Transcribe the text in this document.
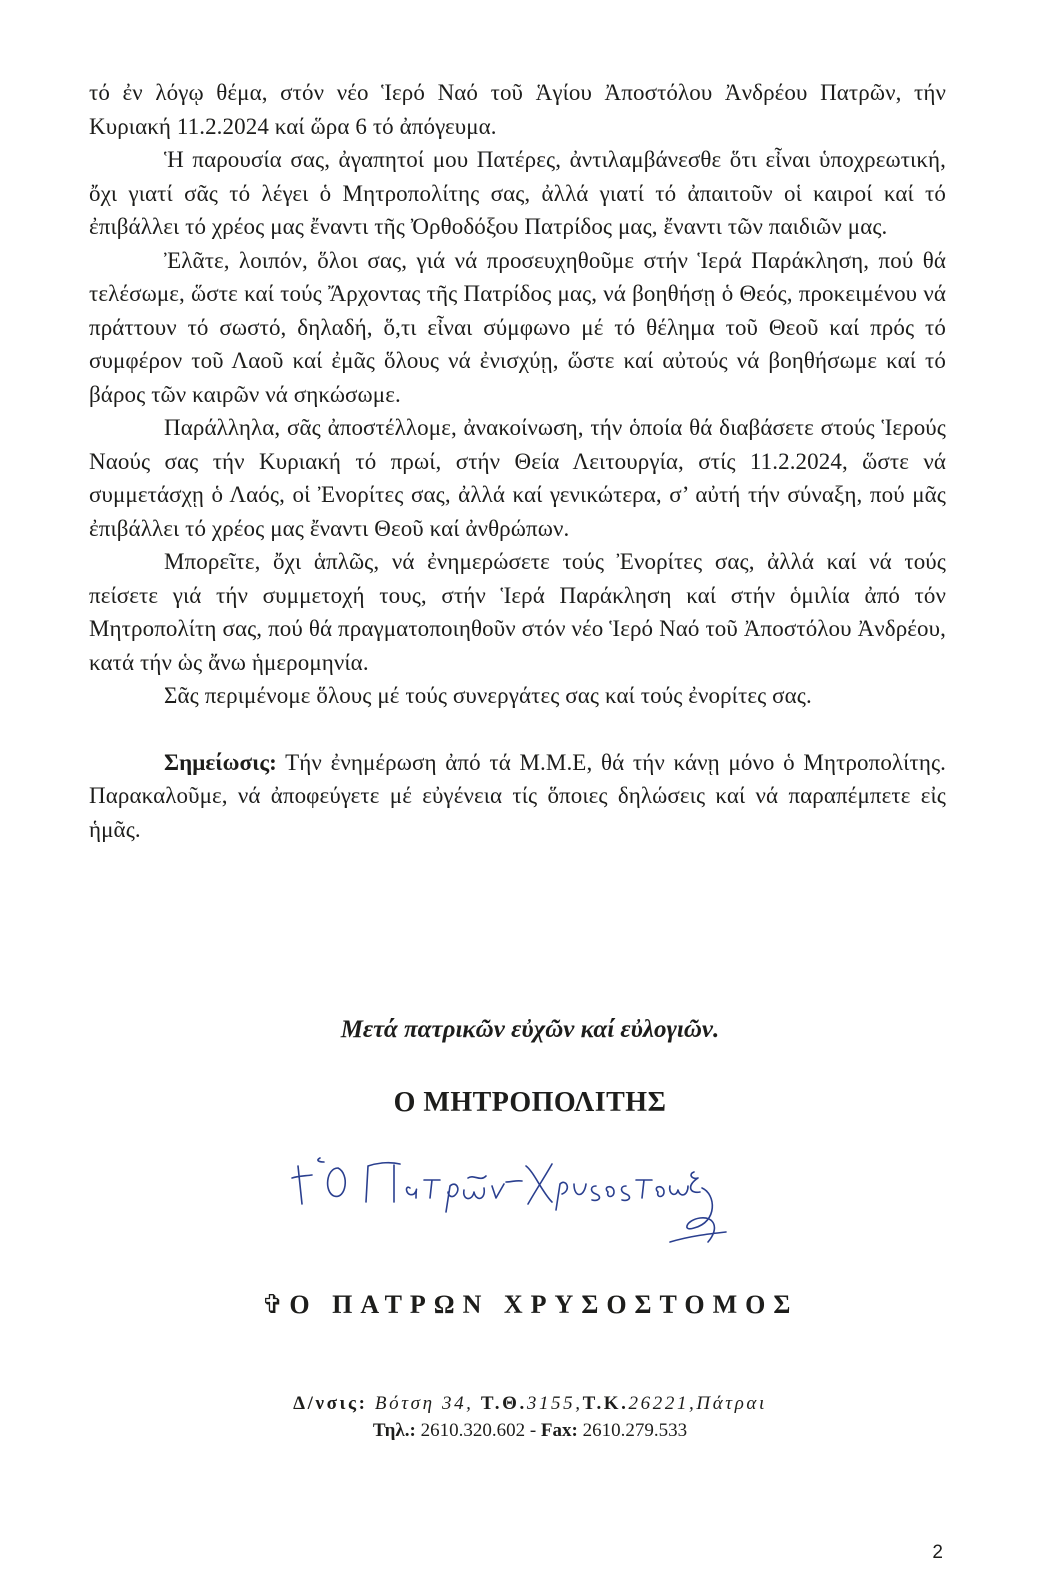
τό ἐν λόγῳ θέμα, στόν νέο Ἱερό Ναό τοῦ Ἁγίου Ἀποστόλου Ἀνδρέου Πατρῶν, τήν Κυριακή 11.2.2024 καί ὥρα 6 τό ἀπόγευμα.

Ἡ παρουσία σας, ἀγαπητοί μου Πατέρες, ἀντιλαμβάνεσθε ὅτι εἶναι ὑποχρεωτική, ὄχι γιατί σᾶς τό λέγει ὁ Μητροπολίτης σας, ἀλλά γιατί τό ἀπαιτοῦν οἱ καιροί καί τό ἐπιβάλλει τό χρέος μας ἔναντι τῆς Ὀρθοδόξου Πατρίδος μας, ἔναντι τῶν παιδιῶν μας.

Ἐλᾶτε, λοιπόν, ὅλοι σας, γιά νά προσευχηθοῦμε στήν Ἱερά Παράκληση, πού θά τελέσωμε, ὥστε καί τούς Ἄρχοντας τῆς Πατρίδος μας, νά βοηθήσῃ ὁ Θεός, προκειμένου νά πράττουν τό σωστό, δηλαδή, ὅ,τι εἶναι σύμφωνο μέ τό θέλημα τοῦ Θεοῦ καί πρός τό συμφέρον τοῦ Λαοῦ καί ἐμᾶς ὅλους νά ἐνισχύῃ, ὥστε καί αὐτούς νά βοηθήσωμε καί τό βάρος τῶν καιρῶν νά σηκώσωμε.

Παράλληλα, σᾶς ἀποστέλλομε, ἀνακοίνωση, τήν ὁποία θά διαβάσετε στούς Ἱερούς Ναούς σας τήν Κυριακή τό πρωί, στήν Θεία Λειτουργία, στίς 11.2.2024, ὥστε νά συμμετάσχῃ ὁ Λαός, οἱ Ἐνορίτες σας, ἀλλά καί γενικώτερα, σ’ αὐτή τήν σύναξη, πού μᾶς ἐπιβάλλει τό χρέος μας ἔναντι Θεοῦ καί ἀνθρώπων.

Μπορεῖτε, ὄχι ἁπλῶς, νά ἐνημερώσετε τούς Ἐνορίτες σας, ἀλλά καί νά τούς πείσετε γιά τήν συμμετοχή τους, στήν Ἱερά Παράκληση καί στήν ὁμιλία ἀπό τόν Μητροπολίτη σας, πού θά πραγματοποιηθοῦν στόν νέο Ἱερό Ναό τοῦ Ἀποστόλου Ἀνδρέου, κατά τήν ὡς ἄνω ἡμερομηνία.

Σᾶς περιμένομε ὅλους μέ τούς συνεργάτες σας καί τούς ἐνορίτες σας.

Σημείωσις: Τήν ἐνημέρωση ἀπό τά Μ.Μ.Ε, θά τήν κάνῃ μόνο ὁ Μητροπολίτης. Παρακαλοῦμε, νά ἀποφεύγετε μέ εὐγένεια τίς ὅποιες δηλώσεις καί νά παραπέμπετε εἰς ἡμᾶς.

Μετά πατρικῶν εὐχῶν καί εὐλογιῶν.
Ο ΜΗΤΡΟΠΟΛΙΤΗΣ
✞ Ο ΠΑΤΡΩΝ ΧΡΥΣΟΣΤΟΜΟΣ
Δ/νσις: Βότση 34, Τ.Θ.3155,Τ.Κ.26221,Πάτραι
Τηλ.: 2610.320.602 - Fax: 2610.279.533
2
